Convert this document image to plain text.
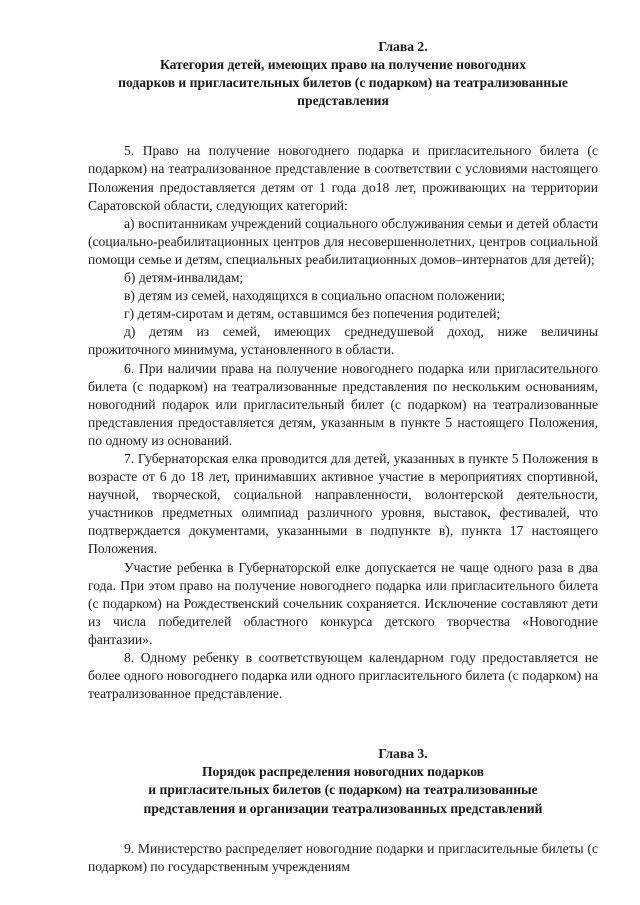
Глава 2.
Категория детей, имеющих право на получение новогодних
подарков и пригласительных билетов (с подарком) на театрализованные
представления

5. Право на получение новогоднего подарка и пригласительного билета (с подарком) на театрализованное представление в соответствии с условиями настоящего Положения предоставляется детям от 1 года до18 лет, проживающих на территории Саратовской области, следующих категорий:

а) воспитанникам учреждений социального обслуживания семьи и детей области (социально-реабилитационных центров для несовершеннолетних, центров социальной помощи семье и детям, специальных реабилитационных домов–интернатов для детей);

б) детям-инвалидам;

в) детям из семей, находящихся в социально опасном положении;

г) детям-сиротам и детям, оставшимся без попечения родителей;

д) детям из семей, имеющих среднедушевой доход, ниже величины прожиточного минимума, установленного в области.

6. При наличии права на получение новогоднего подарка или пригласительного билета (с подарком) на театрализованные представления по нескольким основаниям, новогодний подарок или пригласительный билет (с подарком) на театрализованные представления предоставляется детям, указанным в пункте 5 настоящего Положения, по одному из оснований.

7. Губернаторская елка проводится для детей, указанных в пункте 5 Положения в возрасте от 6 до 18 лет, принимавших активное участие в мероприятиях спортивной, научной, творческой, социальной направленности, волонтерской деятельности, участников предметных олимпиад различного уровня, выставок, фестивалей, что подтверждается документами, указанными в подпункте в), пункта 17 настоящего Положения.

Участие ребенка в Губернаторской елке допускается не чаще одного раза в два года. При этом право на получение новогоднего подарка или пригласительного билета (с подарком) на Рождественский сочельник сохраняется. Исключение составляют дети из числа победителей областного конкурса детского творчества «Новогодние фантазии».

8. Одному ребенку в соответствующем календарном году предоставляется не более одного новогоднего подарка или одного пригласительного билета (с подарком) на театрализованное представление.

Глава 3.
Порядок распределения новогодних подарков
и пригласительных билетов (с подарком) на театрализованные
представления и организации театрализованных представлений

9. Министерство распределяет новогодние подарки и пригласительные билеты (с подарком) по государственным учреждениям
